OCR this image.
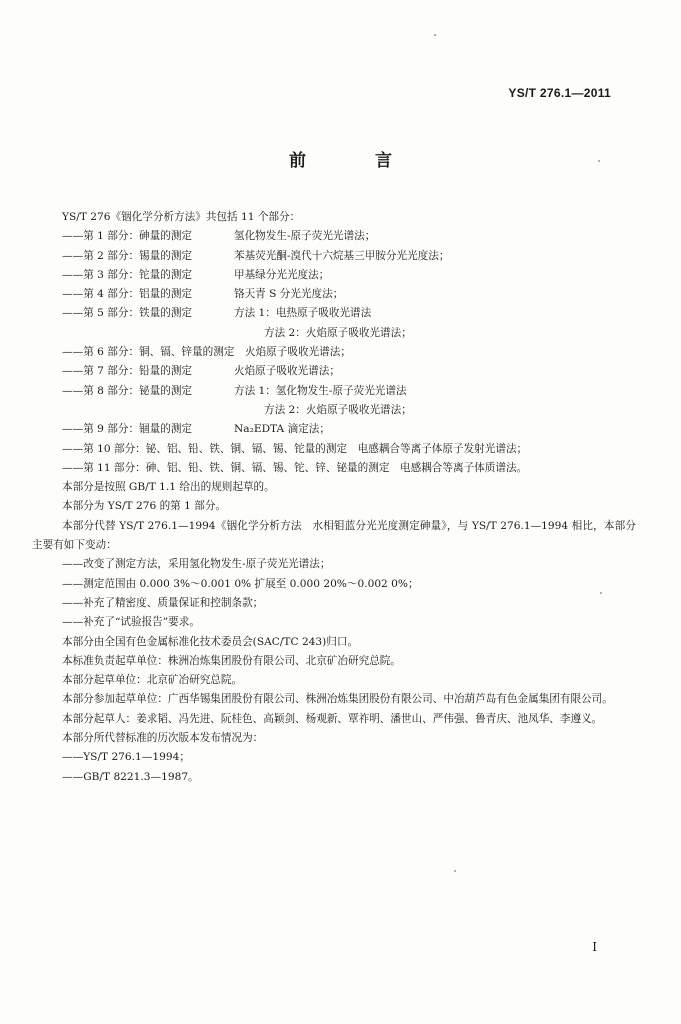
YS/T 276.1—2011
前　言
YS/T 276《铟化学分析方法》共包括 11 个部分：
——第 1 部分：砷量的测定	氢化物发生-原子荧光光谱法；
——第 2 部分：锡量的测定	苯基荧光酮-溴代十六烷基三甲胺分光光度法；
——第 3 部分：铊量的测定	甲基绿分光光度法；
——第 4 部分：铝量的测定	铬天青 S 分光光度法；
——第 5 部分：铁量的测定	方法 1：电热原子吸收光谱法
方法 2：火焰原子吸收光谱法；
——第 6 部分：铜、镉、锌量的测定　 火焰原子吸收光谱法；
——第 7 部分：铅量的测定	火焰原子吸收光谱法；
——第 8 部分：铋量的测定	方法 1：氢化物发生-原子荧光光谱法
方法 2：火焰原子吸收光谱法；
——第 9 部分：锢量的测定	Na₂EDTA 滴定法；
——第 10 部分：铋、铝、铅、铁、铜、镉、锡、铊量的测定　 电感耦合等离子体原子发射光谱法；
——第 11 部分：砷、铝、铅、铁、铜、镉、锡、铊、锌、铋量的测定　 电感耦合等离子体质谱法。
本部分是按照 GB/T 1.1 给出的规则起草的。
本部分为 YS/T 276 的第 1 部分。
本部分代替 YS/T 276.1—1994《铟化学分析方法　水相钼蓝分光光度测定砷量》，与 YS/T 276.1—1994 相比，本部分主要有如下变动：
——改变了测定方法，采用氢化物发生-原子荧光光谱法；
——测定范围由 0.000 3%～0.001 0% 扩展至 0.000 20%～0.002 0%；
——补充了精密度、质量保证和控制条款；
——补充了“试验报告”要求。
本部分由全国有色金属标准化技术委员会(SAC/TC 243)归口。
本标准负责起草单位：株洲冶炼集团股份有限公司、北京矿冶研究总院。
本部分起草单位：北京矿冶研究总院。
本部分参加起草单位：广西华锡集团股份有限公司、株洲冶炼集团股份有限公司、中冶葫芦岛有色金属集团有限公司。
本部分起草人：姜求韬、冯先进、阮桂色、高颖剑、杨观新、覃祚明、潘世山、严伟强、鲁青庆、池凤华、李遵义。
本部分所代替标准的历次版本发布情况为：
——YS/T 276.1—1994；
——GB/T 8221.3—1987。
I
